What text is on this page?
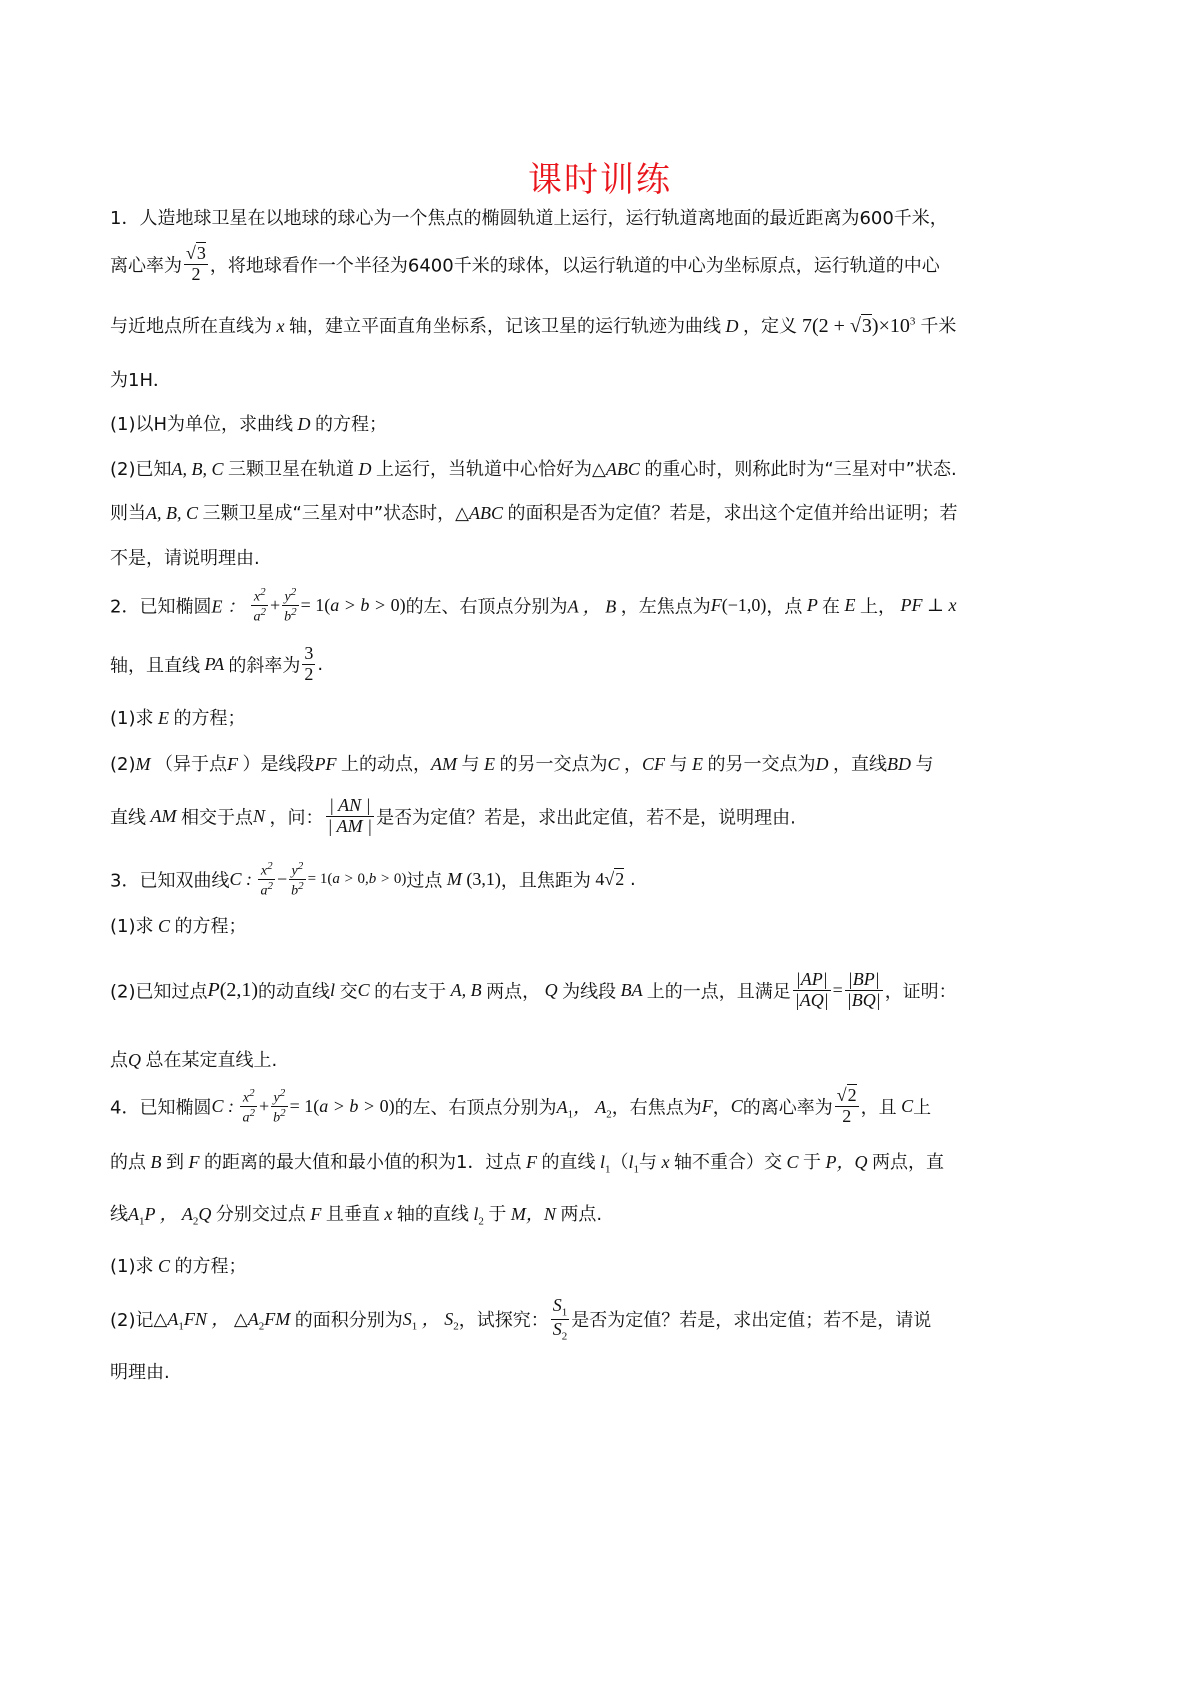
课时训练
1．人造地球卫星在以地球的球心为一个焦点的椭圆轨道上运行，运行轨道离地面的最近距离为600千米，
离心率为 $\frac{√3}{2}$ ，将地球看作一个半径为6400千米的球体，以运行轨道的中心为坐标原点，运行轨道的中心
与近地点所在直线为 x 轴，建立平面直角坐标系，记该卫星的运行轨迹为曲线 D ，定义 $7(2 + √3)\times 10^3$ 千米
为1H．
(1)以H为单位，求曲线 D 的方程；
(2)已知A, B, C 三颗卫星在轨道 D 上运行，当轨道中心恰好为△ABC 的重心时，则称此时为“三星对中”状态.
则当A, B, C 三颗卫星成“三星对中”状态时，△ABC 的面积是否为定值？若是，求出这个定值并给出证明；若
不是，请说明理由.
2．已知椭圆E ： $\frac{x^2}{a^2} + \frac{y^2}{b^2} = 1(a > b > 0)$的左、右顶点分别为A ， B ，左焦点为F(−1,0)，点 P 在 E 上， PF ⊥ x
轴，且直线 PA 的斜率为 $\frac{3}{2}$ .
(1)求 E 的方程；
(2)M （异于点F ）是线段PF 上的动点，AM 与 E 的另一交点为C ，CF 与 E 的另一交点为D ，直线BD 与
直线 AM 相交于点N ，问： $\frac{| AN |}{| AM |}$ 是否为定值？若是，求出此定值，若不是，说明理由.
3．已知双曲线C : $\frac{x^2}{a^2} - \frac{y^2}{b^2} = 1(a > 0,b > 0)$过点 M (3,1)，且焦距为 4√2 .
(1)求 C 的方程；
(2)已知过点P(2,1)的动直线l 交C 的右支于 A, B 两点， Q 为线段 BA 上的一点，且满足 $\frac{|AP|}{|AQ|} = \frac{|BP|}{|BQ|}$ ，证明：
点Q 总在某定直线上.
4．已知椭圆C : $\frac{x^2}{a^2} + \frac{y^2}{b^2} = 1(a > b > 0)$的左、右顶点分别为$A_1$， $A_2$，右焦点为F，C的离心率为 $\frac{√2}{2}$ ，且 C上
的点 B 到 F 的距离的最大值和最小值的积为1．过点 F 的直线 $l_1(l_1$与 x 轴不重合）交 C 于 P，Q 两点，直
线$A_1P$ ， $A_2Q$ 分别交过点 F 且垂直 x 轴的直线 $l_2$ 于 M，N 两点.
(1)求 C 的方程；
(2)记$\triangle A_1FN$ ， $\triangle A_2FM$ 的面积分别为$S_1$ ， $S_2$，试探究： $\frac{S_1}{S_2}$ 是否为定值？若是，求出定值；若不是，请说
明理由.
